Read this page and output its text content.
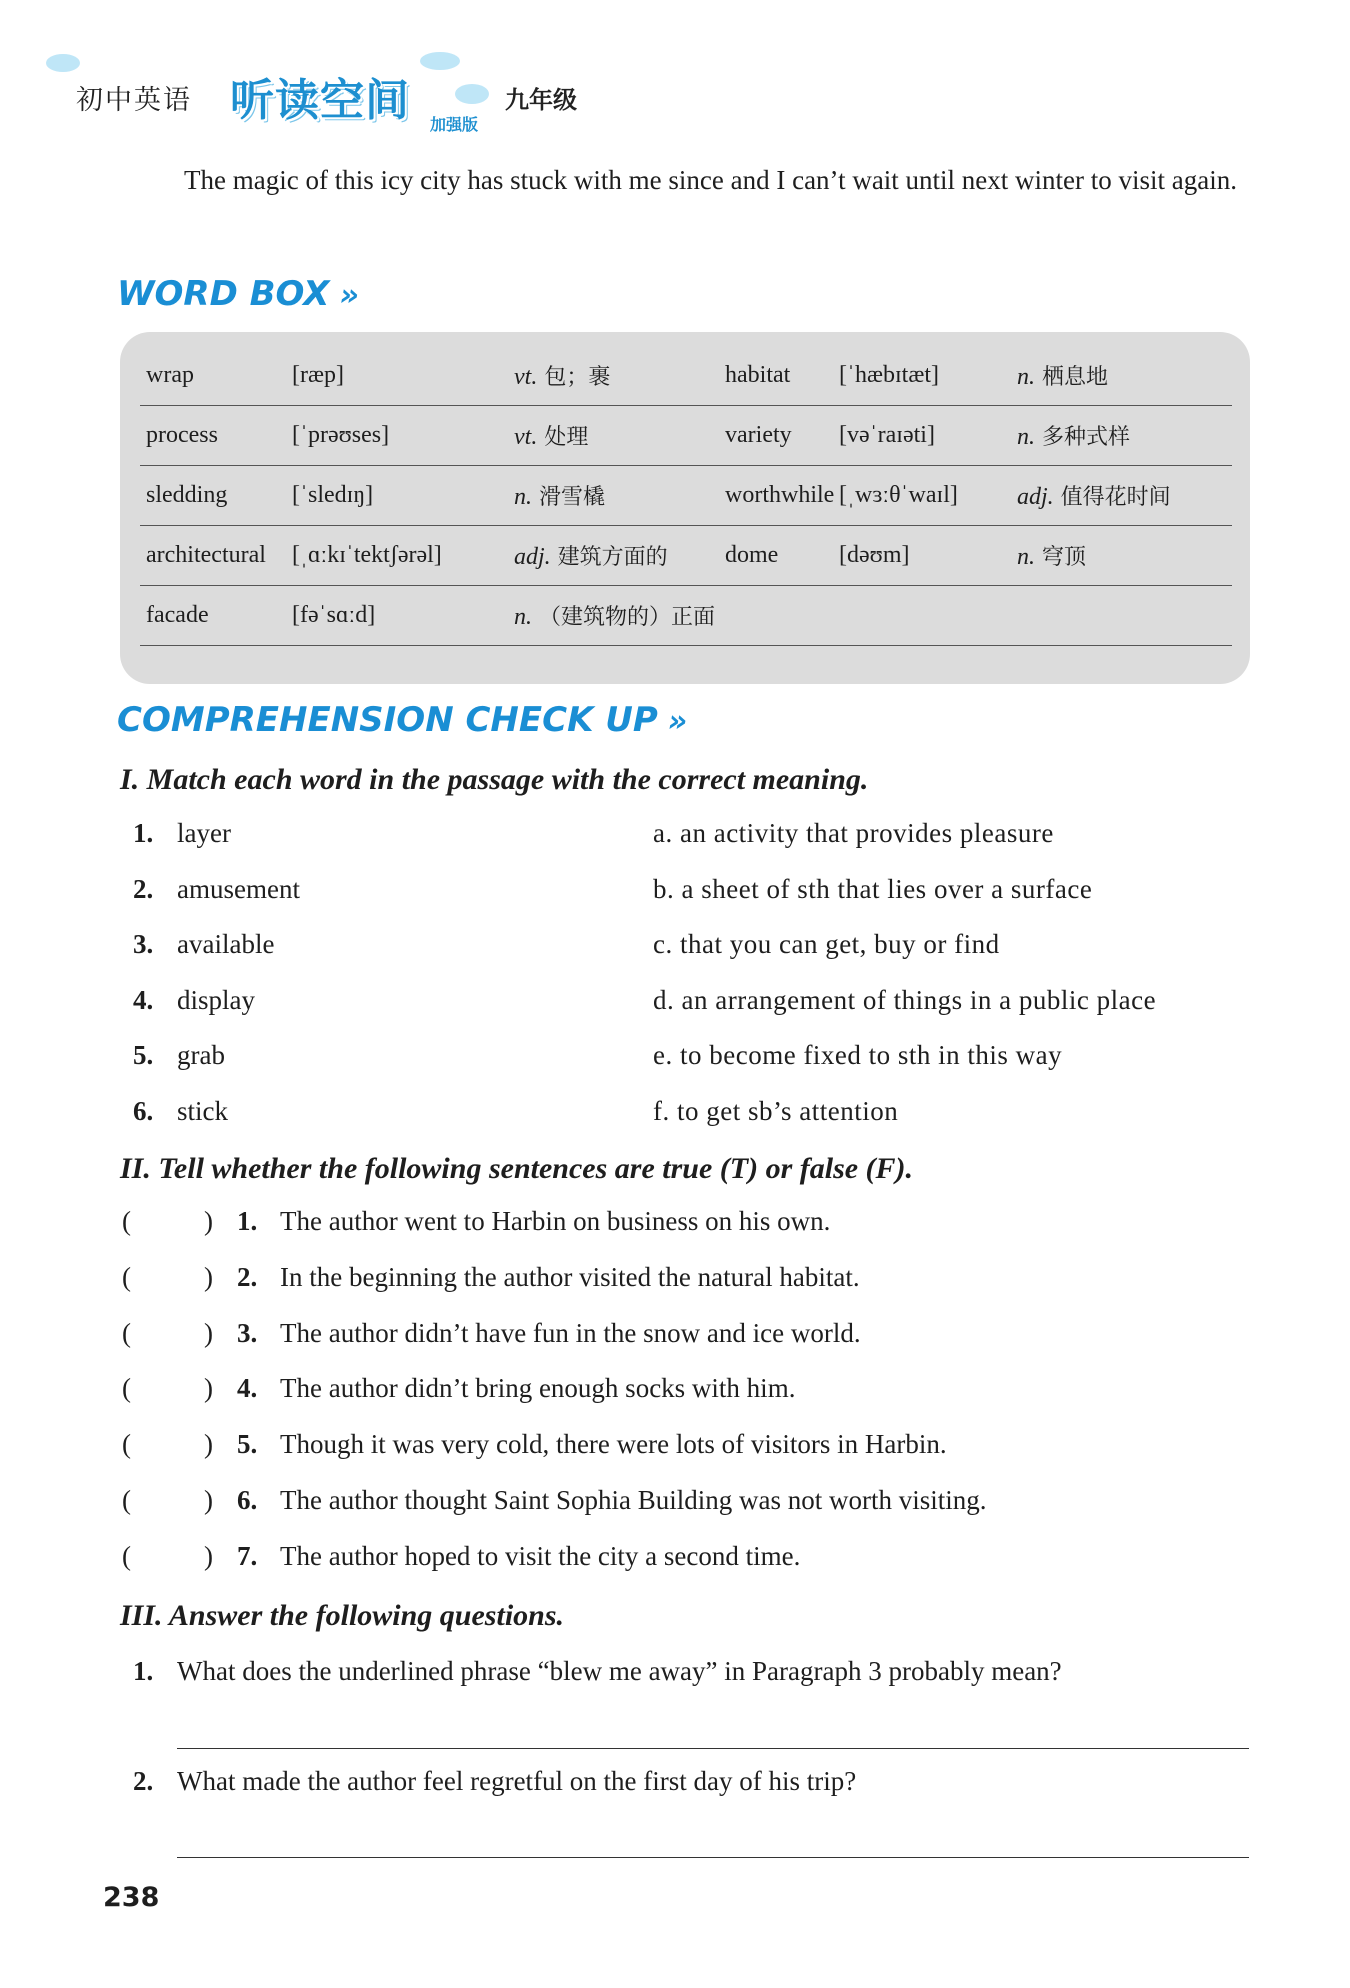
初中英语 听读空间 加强版
九年级
The magic of this icy city has stuck with me since and I can’t wait until next winter to visit again.
WORD BOX »
wrap	[ræp]	vt. 包；裹	habitat	[ˈhæbɪtæt]	n. 栖息地
process	[ˈprəʊses]	vt. 处理	variety	[vəˈraɪəti]	n. 多种式样
sledding	[ˈsledɪŋ]	n. 滑雪橇	worthwhile	[ˌwɜːθˈwaɪl]	adj. 值得花时间
architectural	[ˌɑːkɪˈtektʃərəl]	adj. 建筑方面的	dome	[dəʊm]	n. 穹顶
facade	[fəˈsɑːd]	n. （建筑物的）正面			
COMPREHENSION CHECK UP »
I. Match each word in the passage with the correct meaning.
1. layer	a. an activity that provides pleasure
2. amusement	b. a sheet of sth that lies over a surface
3. available	c. that you can get, buy or find
4. display	d. an arrangement of things in a public place
5. grab	e. to become fixed to sth in this way
6. stick	f. to get sb’s attention
II. Tell whether the following sentences are true (T) or false (F).
(	) 1. The author went to Harbin on business on his own.
(	) 2. In the beginning the author visited the natural habitat.
(	) 3. The author didn’t have fun in the snow and ice world.
(	) 4. The author didn’t bring enough socks with him.
(	) 5. Though it was very cold, there were lots of visitors in Harbin.
(	) 6. The author thought Saint Sophia Building was not worth visiting.
(	) 7. The author hoped to visit the city a second time.
III. Answer the following questions.
1. What does the underlined phrase “blew me away” in Paragraph 3 probably mean?
2. What made the author feel regretful on the first day of his trip?
238
